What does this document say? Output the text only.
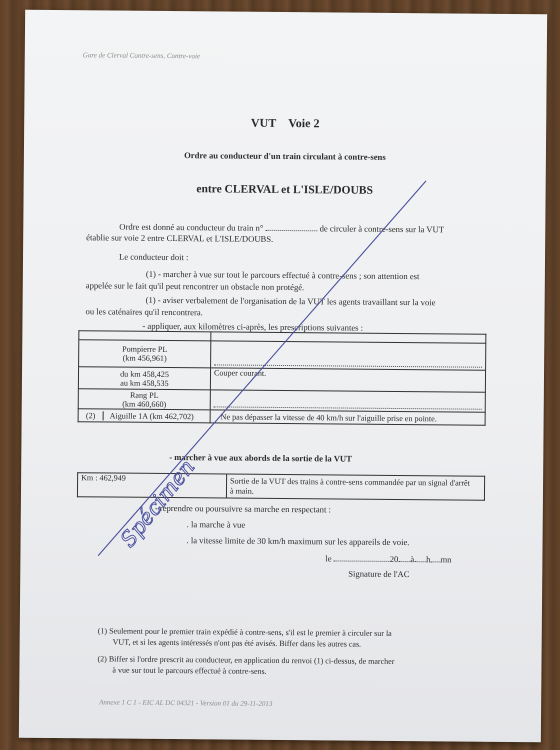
Gare de Clerval Contre-sens, Contre-voie
VUT Voie 2
Ordre au conducteur d'un train circulant à contre-sens
entre CLERVAL et L'ISLE/DOUBS
Ordre est donné au conducteur du train n°	de circuler à contre-sens sur la VUT
établie sur voie 2 entre CLERVAL et L'ISLE/DOUBS.
Le conducteur doit :
(1) - marcher à vue sur tout le parcours effectué à contre-sens ; son attention est
appelée sur le fait qu'il peut rencontrer un obstacle non protégé.
(1) - aviser verbalement de l'organisation de la VUT les agents travaillant sur la voie
ou les caténaires qu'il rencontrera.
- appliquer, aux kilomètres ci-après, les prescriptions suivantes :

Pompierre PL
(km 456,961)	

du km 458,425
au km 458,535	Couper courant.

Rang PL
(km 460,660)	

(2) Aiguille 1A (km 462,702)	Ne pas dépasser la vitesse de 40 km/h sur l'aiguille prise en pointe.
- marcher à vue aux abords de la sortie de la VUT
Km : 462,949	Sortie de la VUT des trains à contre-sens commandée par un signal d'arrêt
à main.
- reprendre ou poursuivre sa marche en respectant :
. la marche à vue
. la vitesse limite de 30 km/h maximum sur les appareils de voie.
le	20 à h mn
Signature de l'AC
(1) Seulement pour le premier train expédié à contre-sens, s'il est le premier à circuler sur la
VUT, et si les agents intéressés n'ont pas été avisés. Biffer dans les autres cas.
(2) Biffer si l'ordre prescrit au conducteur, en application du renvoi (1) ci-dessus, de marcher
à vue sur tout le parcours effectué à contre-sens.
Annexe 1 C 1 - EIC AL DC 04321 - Version 01 du 29-11-2013
Spécimen
